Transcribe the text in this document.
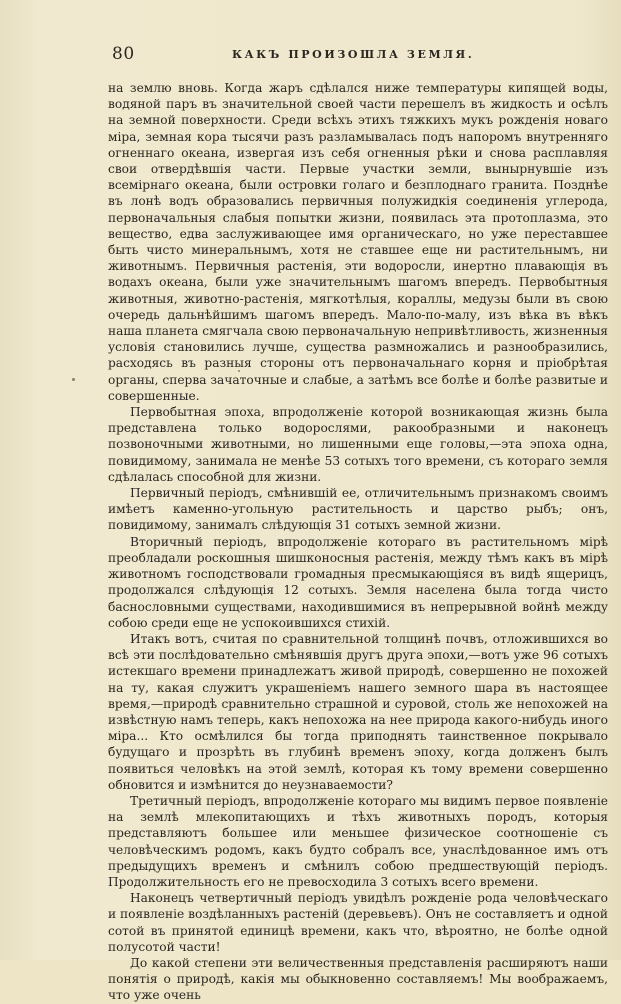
80	КАКЪ ПРОИЗОШЛА ЗЕМЛЯ.

на землю вновь. Когда жаръ сдѣлался ниже температуры кипящей воды, водяной паръ въ значительной своей части перешелъ въ жидкость и осѣлъ на земной поверхности. Среди всѣхъ этихъ тяжкихъ мукъ рожденія новаго міра, земная кора тысячи разъ разламывалась подъ напоромъ внутренняго огненнаго океана, извергая изъ себя огненныя рѣки и снова расплавляя свои отвердѣвшія части. Первые участки земли, вынырнувшіе изъ всемірнаго океана, были островки голаго и безплоднаго гранита. Позднѣе въ лонѣ водъ образовались первичныя полужидкія соединенія углерода, первоначальныя слабыя попытки жизни, появилась эта протоплазма, это вещество, едва заслуживающее имя органическаго, но уже переставшее быть чисто минеральнымъ, хотя не ставшее еще ни растительнымъ, ни животнымъ. Первичныя растенія, эти водоросли, инертно плавающія въ водахъ океана, были уже значительнымъ шагомъ впередъ. Первобытныя животныя, животно-растенія, мягкотѣлыя, кораллы, медузы были въ свою очередь дальнѣйшимъ шагомъ впередъ. Мало-по-малу, изъ вѣка въ вѣкъ наша планета смягчала свою первоначальную непривѣтливость, жизненныя условія становились лучше, существа размножались и разнообразились, расходясь въ разныя стороны отъ первоначальнаго корня и пріобрѣтая органы, сперва зачаточные и слабые, а затѣмъ все болѣе и болѣе развитые и совершенные.

Первобытная эпоха, впродолженіе которой возникающая жизнь была представлена только водорослями, ракообразными и наконецъ позвоночными животными, но лишенными еще головы,—эта эпоха одна, повидимому, занимала не менѣе 53 сотыхъ того времени, съ котораго земля сдѣлалась способной для жизни.

Первичный періодъ, смѣнившій ее, отличительнымъ признакомъ своимъ имѣетъ каменно-угольную растительность и царство рыбъ; онъ, повидимому, занималъ слѣдующія 31 сотыхъ земной жизни.

Вторичный періодъ, впродолженіе котораго въ растительномъ мірѣ преобладали роскошныя шишконосныя растенія, между тѣмъ какъ въ мірѣ животномъ господствовали громадныя пресмыкающіяся въ видѣ ящерицъ, продолжался слѣдующія 12 сотыхъ. Земля населена была тогда чисто баснословными существами, находившимися въ непрерывной войнѣ между собою среди еще не успокоившихся стихій.

Итакъ вотъ, считая по сравнительной толщинѣ почвъ, отложившихся во всѣ эти послѣдовательно смѣнявшія другъ друга эпохи,—вотъ уже 96 сотыхъ истекшаго времени принадлежатъ живой природѣ, совершенно не похожей на ту, какая служитъ украшеніемъ нашего земного шара въ настоящее время,—природѣ сравнительно страшной и суровой, столь же непохожей на извѣстную намъ теперь, какъ непохожа на нее природа какого-нибудь иного міра... Кто осмѣлился бы тогда приподнять таинственное покрывало будущаго и прозрѣть въ глубинѣ временъ эпоху, когда долженъ былъ появиться человѣкъ на этой землѣ, которая къ тому времени совершенно обновится и измѣнится до неузнаваемости?

Третичный періодъ, впродолженіе котораго мы видимъ первое появленіе на землѣ млекопитающихъ и тѣхъ животныхъ породъ, которыя представляютъ большее или меньшее физическое соотношеніе съ человѣческимъ родомъ, какъ будто собралъ все, унаслѣдованное имъ отъ предыдущихъ временъ и смѣнилъ собою предшествующій періодъ. Продолжительность его не превосходила 3 сотыхъ всего времени.

Наконецъ четвертичный періодъ увидѣлъ рожденіе рода человѣческаго и появленіе воздѣланныхъ растеній (деревьевъ). Онъ не составляетъ и одной сотой въ принятой единицѣ времени, какъ что, вѣроятно, не болѣе одной полусотой части!

До какой степени эти величественныя представленія расширяютъ наши понятія о природѣ, какія мы обыкновенно составляемъ! Мы воображаемъ, что уже очень
